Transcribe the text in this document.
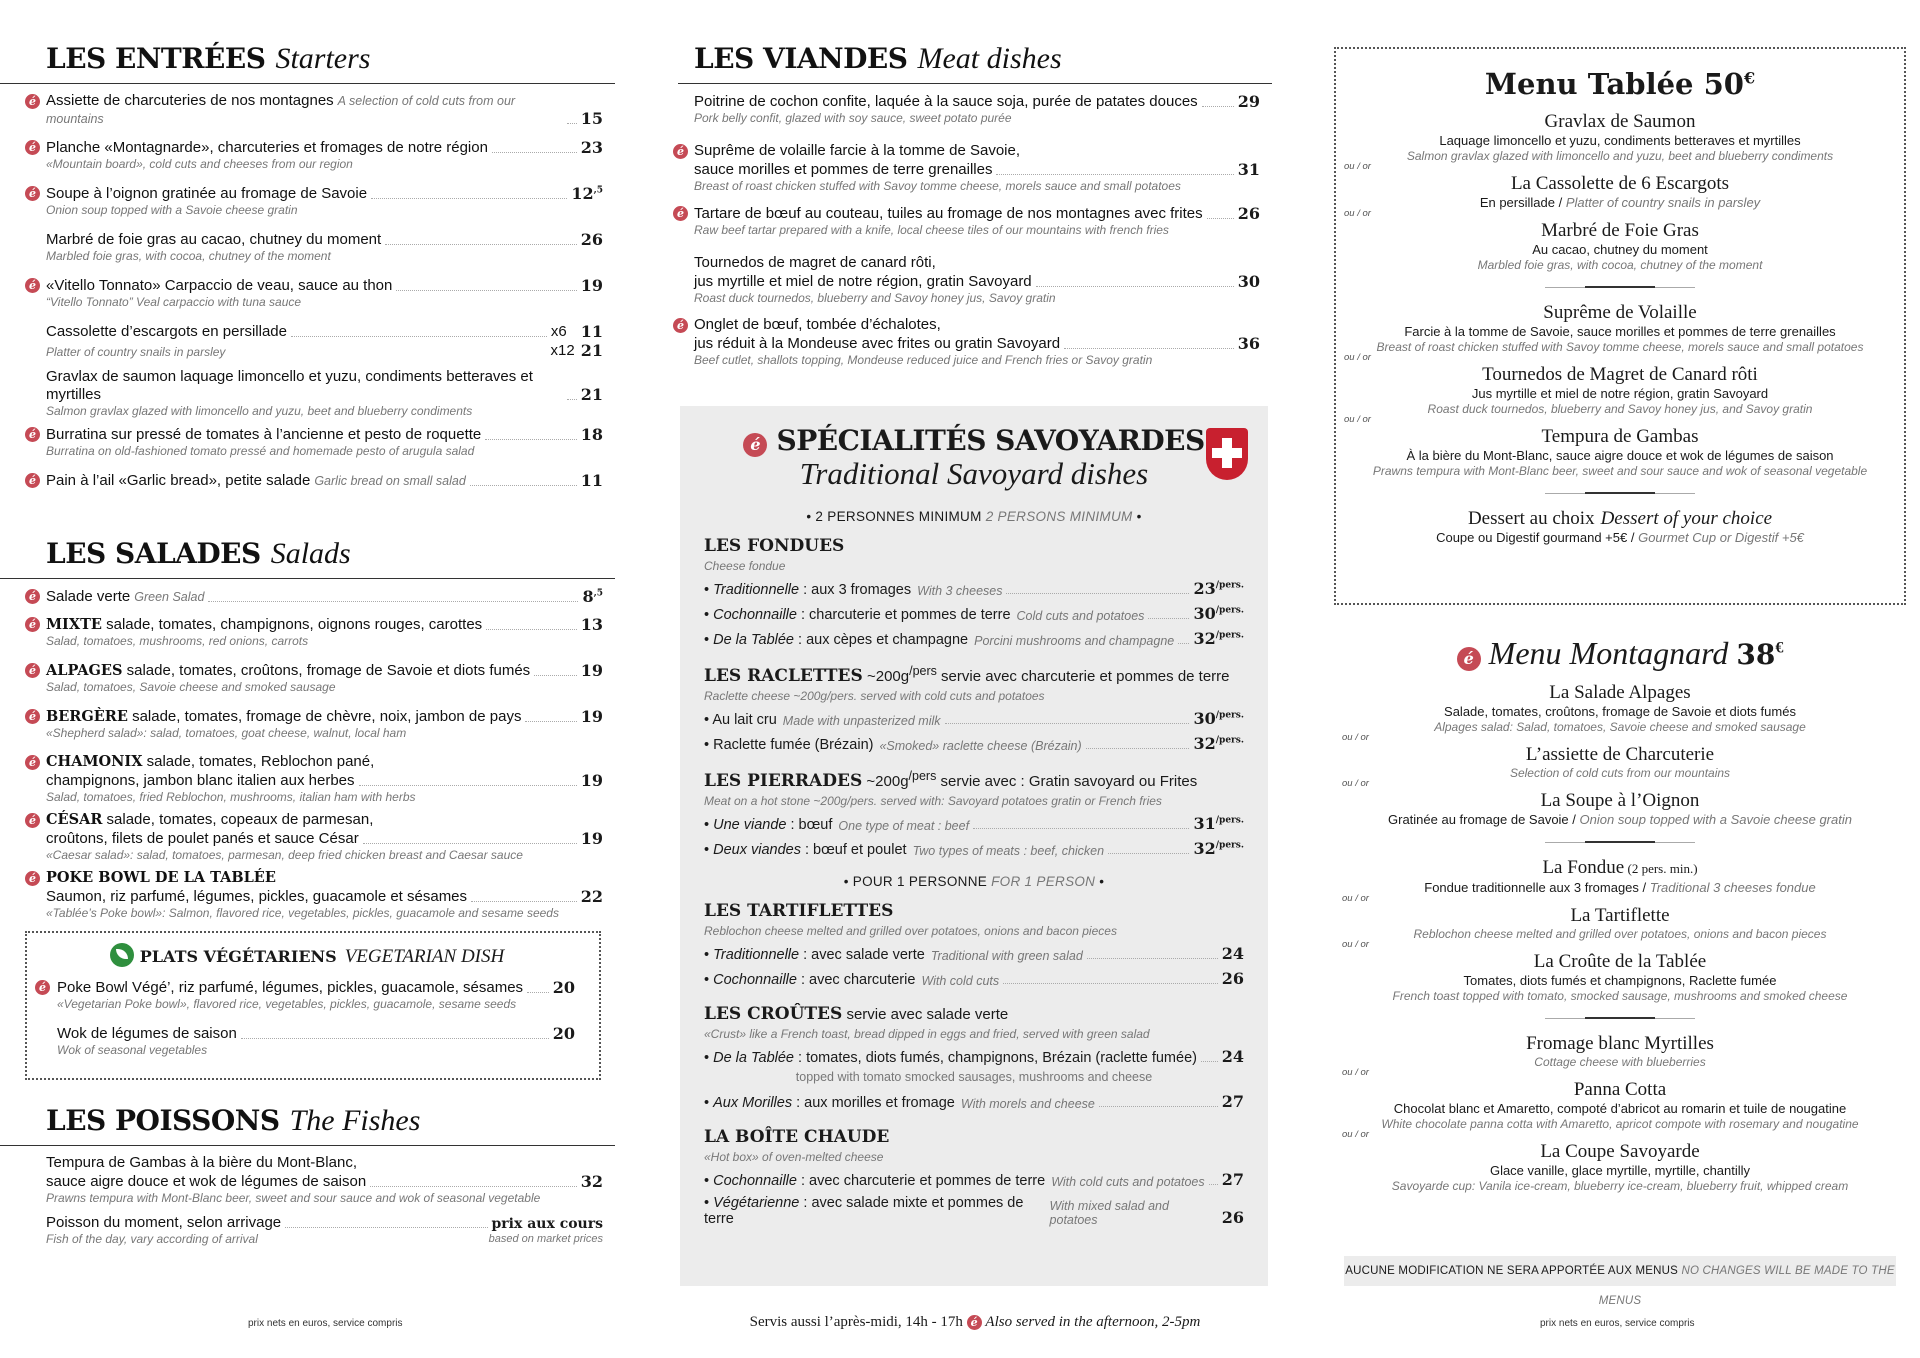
LES ENTRÉES Starters
é Assiette de charcuteries de nos montagnes A selection of cold cuts from our mountains	15
é Planche «Montagnarde», charcuteries et fromages de notre région	23
«Mountain board», cold cuts and cheeses from our region
é Soupe à l’oignon gratinée au fromage de Savoie	$12^{,5}$
Onion soup topped with a Savoie cheese gratin
Marbré de foie gras au cacao, chutney du moment	26
Marbled foie gras, with cocoa, chutney of the moment
é «Vitello Tonnato» Carpaccio de veau, sauce au thon	19
“Vitello Tonnato” Veal carpaccio with tuna sauce
Cassolette d’escargots en persillade	x6 11
Platter of country snails in parsley	x12 21
Gravlax de saumon laquage limoncello et yuzu, condiments betteraves et myrtilles	21
Salmon gravlax glazed with limoncello and yuzu, beet and blueberry condiments
é Burratina sur pressé de tomates à l’ancienne et pesto de roquette	18
Burratina on old-fashioned tomato pressé and homemade pesto of arugula salad
é Pain à l’ail «Garlic bread», petite salade Garlic bread on small salad	11
LES SALADES Salads
é Salade verte Green Salad	$8^{,5}$
é MIXTE salade, tomates, champignons, oignons rouges, carottes	13
Salad, tomatoes, mushrooms, red onions, carrots
é ALPAGES salade, tomates, croûtons, fromage de Savoie et diots fumés	19
Salad, tomatoes, Savoie cheese and smoked sausage
é BERGÈRE salade, tomates, fromage de chèvre, noix, jambon de pays	19
«Shepherd salad»: salad, tomatoes, goat cheese, walnut, local ham
é CHAMONIX salade, tomates, Reblochon pané,
champignons, jambon blanc italien aux herbes	19
Salad, tomatoes, fried Reblochon, mushrooms, italian ham with herbs
é CÉSAR salade, tomates, copeaux de parmesan,
croûtons, filets de poulet panés et sauce César	19
«Caesar salad»: salad, tomatoes, parmesan, deep fried chicken breast and Caesar sauce
é POKE BOWL DE LA TABLÉE
Saumon, riz parfumé, légumes, pickles, guacamole et sésames	22
«Tablée’s Poke bowl»: Salmon, flavored rice, vegetables, pickles, guacamole and sesame seeds
PLATS VÉGÉTARIENS VEGETARIAN DISH
é Poke Bowl Végé’, riz parfumé, légumes, pickles, guacamole, sésames 20
«Vegetarian Poke bowl», flavored rice, vegetables, pickles, guacamole, sesame seeds
Wok de légumes de saison	20
Wok of seasonal vegetables
LES POISSONS The Fishes
Tempura de Gambas à la bière du Mont-Blanc,
sauce aigre douce et wok de légumes de saison	32
Prawns tempura with Mont-Blanc beer, sweet and sour sauce and wok of seasonal vegetable
Poisson du moment, selon arrivage	prix aux cours
Fish of the day, vary according of arrival	based on market prices
prix nets en euros, service compris
LES VIANDES Meat dishes
Poitrine de cochon confite, laquée à la sauce soja, purée de patates douces	29
Pork belly confit, glazed with soy sauce, sweet potato purée
é Suprême de volaille farcie à la tomme de Savoie,
sauce morilles et pommes de terre grenailles	31
Breast of roast chicken stuffed with Savoy tomme cheese, morels sauce and small potatoes
é Tartare de bœuf au couteau, tuiles au fromage de nos montagnes avec frites 26
Raw beef tartar prepared with a knife, local cheese tiles of our mountains with french fries
Tournedos de magret de canard rôti,
jus myrtille et miel de notre région, gratin Savoyard	30
Roast duck tournedos, blueberry and Savoy honey jus, Savoy gratin
é Onglet de bœuf, tombée d’échalotes,
jus réduit à la Mondeuse avec frites ou gratin Savoyard	36
Beef cutlet, shallots topping, Mondeuse reduced juice and French fries or Savoy gratin
é SPÉCIALITÉS SAVOYARDES
Traditional Savoyard dishes
• 2 PERSONNES MINIMUM 2 PERSONS MINIMUM •
LES FONDUES
Cheese fondue
• Traditionnelle : aux 3 fromages With 3 cheeses	$23^{/pers.}$
• Cochonnaille : charcuterie et pommes de terre Cold cuts and potatoes	$30^{/pers.}$
• De la Tablée : aux cèpes et champagne Porcini mushrooms and champagne $32^{/pers.}$
LES RACLETTES $\sim 200g^{/pers}$ servie avec charcuterie et pommes de terre
Raclette cheese ~200g/pers. served with cold cuts and potatoes
• Au lait cru Made with unpasterized milk	$30^{/pers.}$
• Raclette fumée (Brézain) «Smoked» raclette cheese (Brézain)	$32^{/pers.}$
LES PIERRADES $\sim 200g^{/pers}$ servie avec : Gratin savoyard ou Frites
Meat on a hot stone ~200g/pers. served with: Savoyard potatoes gratin or French fries
• Une viande : bœuf One type of meat : beef	$31^{/pers.}$
• Deux viandes : bœuf et poulet Two types of meats : beef, chicken	$32^{/pers.}$
• POUR 1 PERSONNE FOR 1 PERSON •
LES TARTIFLETTES
Reblochon cheese melted and grilled over potatoes, onions and bacon pieces
• Traditionnelle : avec salade verte Traditional with green salad	24
• Cochonnaille : avec charcuterie With cold cuts	26
LES CROÛTES servie avec salade verte
«Crust» like a French toast, bread dipped in eggs and fried, served with green salad
• De la Tablée : tomates, diots fumés, champignons, Brézain (raclette fumée) 24
topped with tomato smocked sausages, mushrooms and cheese
• Aux Morilles : aux morilles et fromage With morels and cheese	27
LA BOÎTE CHAUDE
«Hot box» of oven-melted cheese
• Cochonnaille : avec charcuterie et pommes de terre With cold cuts and potatoes 27
• Végétarienne : avec salade mixte et pommes de terre
With mixed salad and potatoes	26
Servis aussi l’après-midi, 14h - 17h é Also served in the afternoon, 2-5pm
Menu Tablée 50€
Gravlax de Saumon
Laquage limoncello et yuzu, condiments betteraves et myrtilles
Salmon gravlax glazed with limoncello and yuzu, beet and blueberry condiments
ou / or
La Cassolette de 6 Escargots
En persillade / Platter of country snails in parsley
ou / or
Marbré de Foie Gras
Au cacao, chutney du moment
Marbled foie gras, with cocoa, chutney of the moment
Suprême de Volaille
Farcie à la tomme de Savoie, sauce morilles et pommes de terre grenailles
Breast of roast chicken stuffed with Savoy tomme cheese, morels sauce and small potatoes
ou / or
Tournedos de Magret de Canard rôti
Jus myrtille et miel de notre région, gratin Savoyard
Roast duck tournedos, blueberry and Savoy honey jus, and Savoy gratin
ou / or
Tempura de Gambas
À la bière du Mont-Blanc, sauce aigre douce et wok de légumes de saison
Prawns tempura with Mont-Blanc beer, sweet and sour sauce and wok of seasonal vegetable
Dessert au choix Dessert of your choice
Coupe ou Digestif gourmand +5€ / Gourmet Cup or Digestif +5€
é Menu Montagnard 38€
La Salade Alpages
Salade, tomates, croûtons, fromage de Savoie et diots fumés
Alpages salad: Salad, tomatoes, Savoie cheese and smoked sausage
ou / or
L’assiette de Charcuterie
Selection of cold cuts from our mountains
ou / or
La Soupe à l’Oignon
Gratinée au fromage de Savoie / Onion soup topped with a Savoie cheese gratin
La Fondue (2 pers. min.)
Fondue traditionnelle aux 3 fromages / Traditional 3 cheeses fondue
ou / or
La Tartiflette
Reblochon cheese melted and grilled over potatoes, onions and bacon pieces
ou / or
La Croûte de la Tablée
Tomates, diots fumés et champignons, Raclette fumée
French toast topped with tomato, smocked sausage, mushrooms and smoked cheese
Fromage blanc Myrtilles
Cottage cheese with blueberries
ou / or
Panna Cotta
Chocolat blanc et Amaretto, compoté d’abricot au romarin et tuile de nougatine
White chocolate panna cotta with Amaretto, apricot compote with rosemary and nougatine
ou / or
La Coupe Savoyarde
Glace vanille, glace myrtille, myrtille, chantilly
Savoyarde cup: Vanila ice-cream, blueberry ice-cream, blueberry fruit, whipped cream
AUCUNE MODIFICATION NE SERA APPORTÉE AUX MENUS NO CHANGES WILL BE MADE TO THE MENUS
prix nets en euros, service compris
